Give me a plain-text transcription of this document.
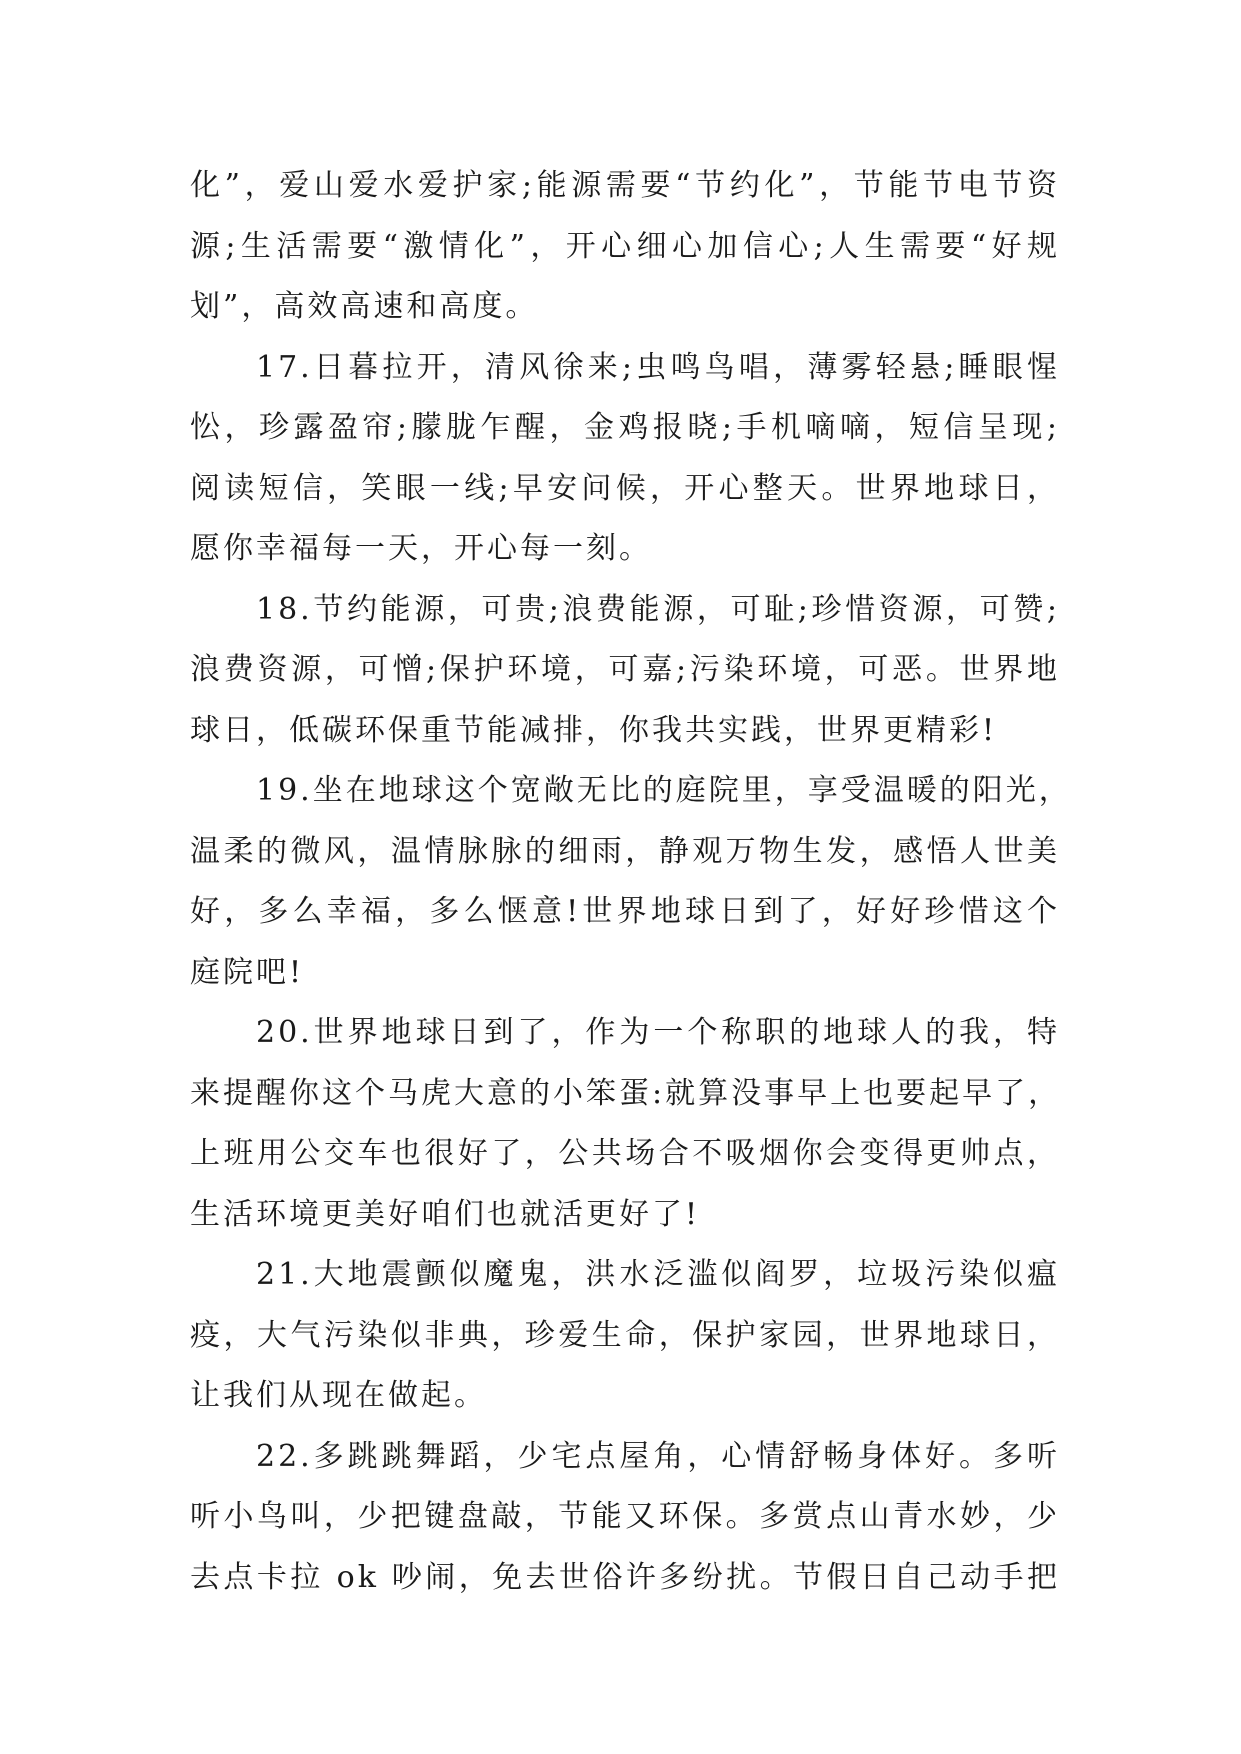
化”，爱山爱水爱护家;能源需要“节约化”，节能节电节资
源;生活需要“激情化”，开心细心加信心;人生需要“好规
划”，高效高速和高度。
17.日暮拉开，清风徐来;虫鸣鸟唱，薄雾轻悬;睡眼惺
忪，珍露盈帘;朦胧乍醒，金鸡报晓;手机嘀嘀，短信呈现;
阅读短信，笑眼一线;早安问候，开心整天。世界地球日，
愿你幸福每一天，开心每一刻。
18.节约能源，可贵;浪费能源，可耻;珍惜资源，可赞;
浪费资源，可憎;保护环境，可嘉;污染环境，可恶。世界地
球日，低碳环保重节能减排，你我共实践，世界更精彩!
19.坐在地球这个宽敞无比的庭院里，享受温暖的阳光，
温柔的微风，温情脉脉的细雨，静观万物生发，感悟人世美
好，多么幸福，多么惬意!世界地球日到了，好好珍惜这个
庭院吧!
20.世界地球日到了，作为一个称职的地球人的我，特
来提醒你这个马虎大意的小笨蛋:就算没事早上也要起早了，
上班用公交车也很好了，公共场合不吸烟你会变得更帅点，
生活环境更美好咱们也就活更好了!
21.大地震颤似魔鬼，洪水泛滥似阎罗，垃圾污染似瘟
疫，大气污染似非典，珍爱生命，保护家园，世界地球日，
让我们从现在做起。
22.多跳跳舞蹈，少宅点屋角，心情舒畅身体好。多听
听小鸟叫，少把键盘敲，节能又环保。多赏点山青水妙，少
去点卡拉 ok 吵闹，免去世俗许多纷扰。节假日自己动手把
